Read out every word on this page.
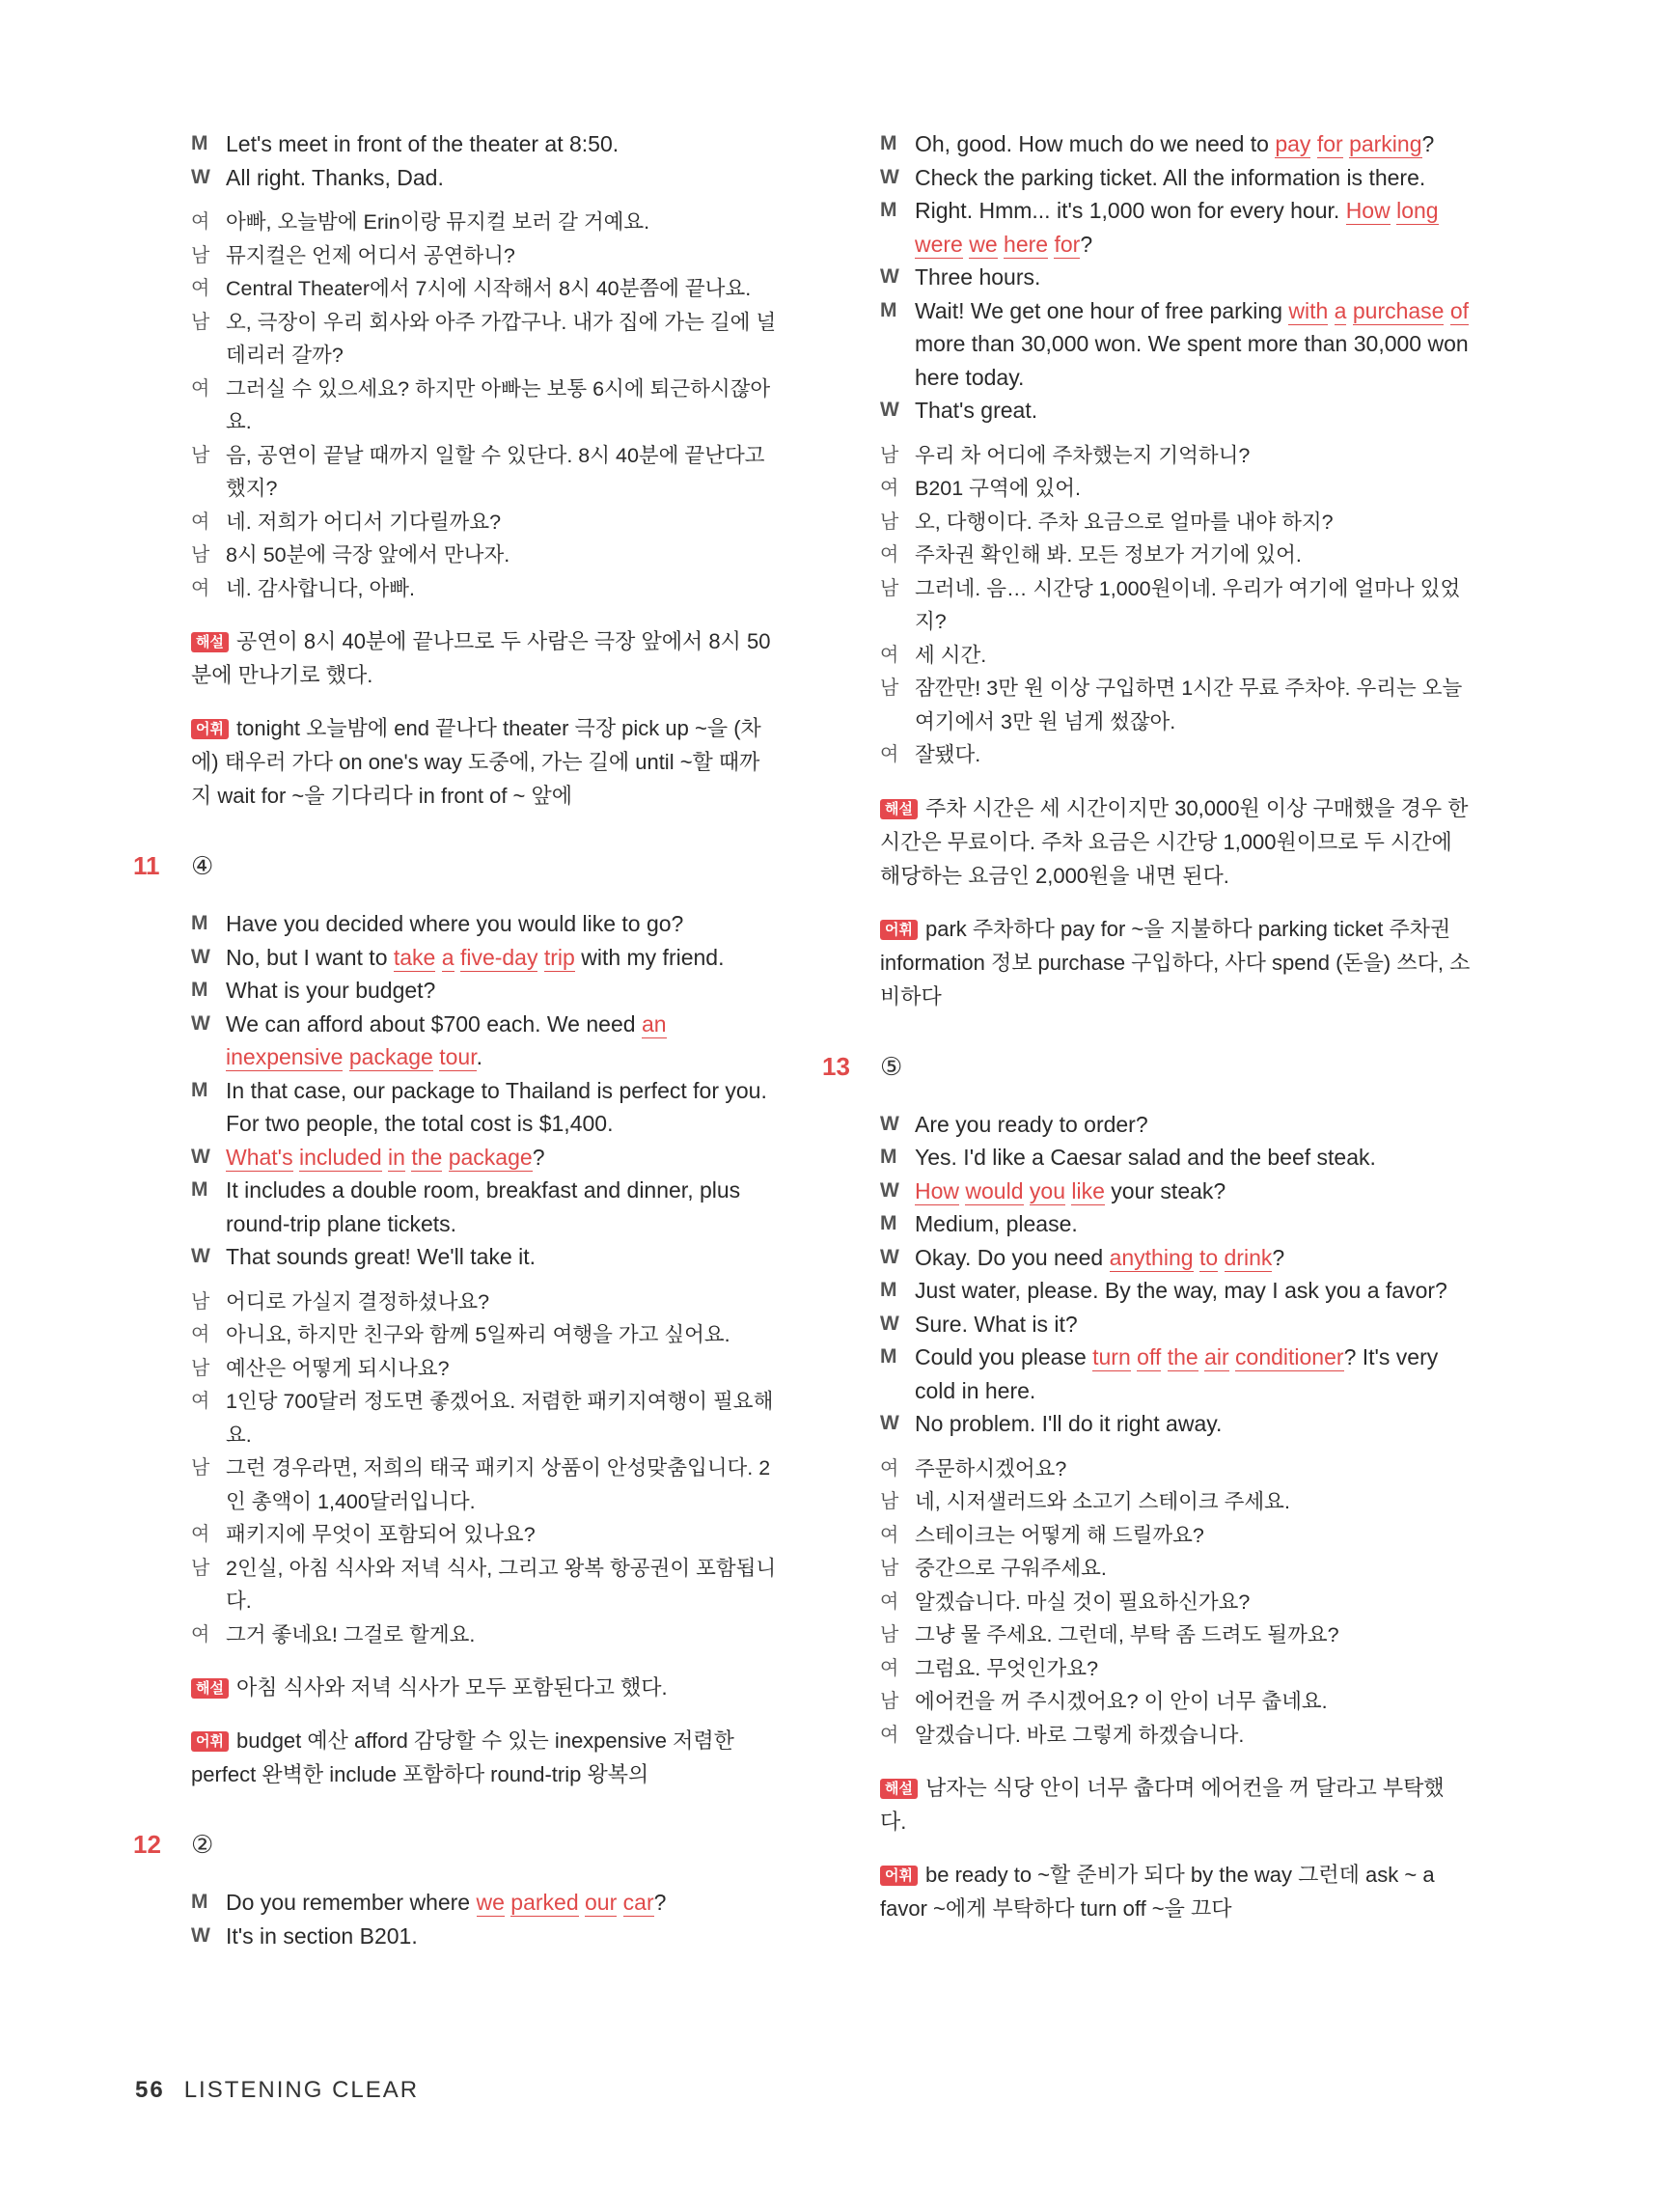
M Let's meet in front of the theater at 8:50.
W All right. Thanks, Dad.
여 아빠, 오늘밤에 Erin이랑 뮤지컬 보러 갈 거예요.
남 뮤지컬은 언제 어디서 공연하니?
여 Central Theater에서 7시에 시작해서 8시 40분쯤에 끝나요.
남 오, 극장이 우리 회사와 아주 가깝구나. 내가 집에 가는 길에 널 데리러 갈까?
여 그러실 수 있으세요? 하지만 아빠는 보통 6시에 퇴근하시잖아요.
남 음, 공연이 끝날 때까지 일할 수 있단다. 8시 40분에 끝난다고 했지?
여 네. 저희가 어디서 기다릴까요?
남 8시 50분에 극장 앞에서 만나자.
여 네. 감사합니다, 아빠.
해설 공연이 8시 40분에 끝나므로 두 사람은 극장 앞에서 8시 50분에 만나기로 했다.
어휘 tonight 오늘밤에 end 끝나다 theater 극장 pick up ~을 (차에) 태우러 가다 on one's way 도중에, 가는 길에 until ~할 때까지 wait for ~을 기다리다 in front of ~ 앞에
11 ④
M Have you decided where you would like to go?
W No, but I want to take a five-day trip with my friend.
M What is your budget?
W We can afford about $700 each. We need an inexpensive package tour.
M In that case, our package to Thailand is perfect for you. For two people, the total cost is $1,400.
W What's included in the package?
M It includes a double room, breakfast and dinner, plus round-trip plane tickets.
W That sounds great! We'll take it.
남 어디로 가실지 결정하셨나요?
여 아니요, 하지만 친구와 함께 5일짜리 여행을 가고 싶어요.
남 예산은 어떻게 되시나요?
여 1인당 700달러 정도면 좋겠어요. 저렴한 패키지여행이 필요해요.
남 그런 경우라면, 저희의 태국 패키지 상품이 안성맞춤입니다. 2인 총액이 1,400달러입니다.
여 패키지에 무엇이 포함되어 있나요?
남 2인실, 아침 식사와 저녁 식사, 그리고 왕복 항공권이 포함됩니다.
여 그거 좋네요! 그걸로 할게요.
해설 아침 식사와 저녁 식사가 모두 포함된다고 했다.
어휘 budget 예산 afford 감당할 수 있는 inexpensive 저렴한 perfect 완벽한 include 포함하다 round-trip 왕복의
12 ②
M Do you remember where we parked our car?
W It's in section B201.
M Oh, good. How much do we need to pay for parking?
W Check the parking ticket. All the information is there.
M Right. Hmm... it's 1,000 won for every hour. How long were we here for?
W Three hours.
M Wait! We get one hour of free parking with a purchase of more than 30,000 won. We spent more than 30,000 won here today.
W That's great.
남 우리 차 어디에 주차했는지 기억하니?
여 B201 구역에 있어.
남 오, 다행이다. 주차 요금으로 얼마를 내야 하지?
여 주차권 확인해 봐. 모든 정보가 거기에 있어.
남 그러네. 음… 시간당 1,000원이네. 우리가 여기에 얼마나 있었지?
여 세 시간.
남 잠깐만! 3만 원 이상 구입하면 1시간 무료 주차야. 우리는 오늘 여기에서 3만 원 넘게 썼잖아.
여 잘됐다.
해설 주차 시간은 세 시간이지만 30,000원 이상 구매했을 경우 한 시간은 무료이다. 주차 요금은 시간당 1,000원이므로 두 시간에 해당하는 요금인 2,000원을 내면 된다.
어휘 park 주차하다 pay for ~을 지불하다 parking ticket 주차권 information 정보 purchase 구입하다, 사다 spend (돈을) 쓰다, 소비하다
13 ⑤
W Are you ready to order?
M Yes. I'd like a Caesar salad and the beef steak.
W How would you like your steak?
M Medium, please.
W Okay. Do you need anything to drink?
M Just water, please. By the way, may I ask you a favor?
W Sure. What is it?
M Could you please turn off the air conditioner? It's very cold in here.
W No problem. I'll do it right away.
여 주문하시겠어요?
남 네, 시저샐러드와 소고기 스테이크 주세요.
여 스테이크는 어떻게 해 드릴까요?
남 중간으로 구워주세요.
여 알겠습니다. 마실 것이 필요하신가요?
남 그냥 물 주세요. 그런데, 부탁 좀 드려도 될까요?
여 그럼요. 무엇인가요?
남 에어컨을 꺼 주시겠어요? 이 안이 너무 춥네요.
여 알겠습니다. 바로 그렇게 하겠습니다.
해설 남자는 식당 안이 너무 춥다며 에어컨을 꺼 달라고 부탁했다.
어휘 be ready to ~할 준비가 되다 by the way 그런데 ask ~ a favor ~에게 부탁하다 turn off ~을 끄다
56 LISTENING CLEAR
